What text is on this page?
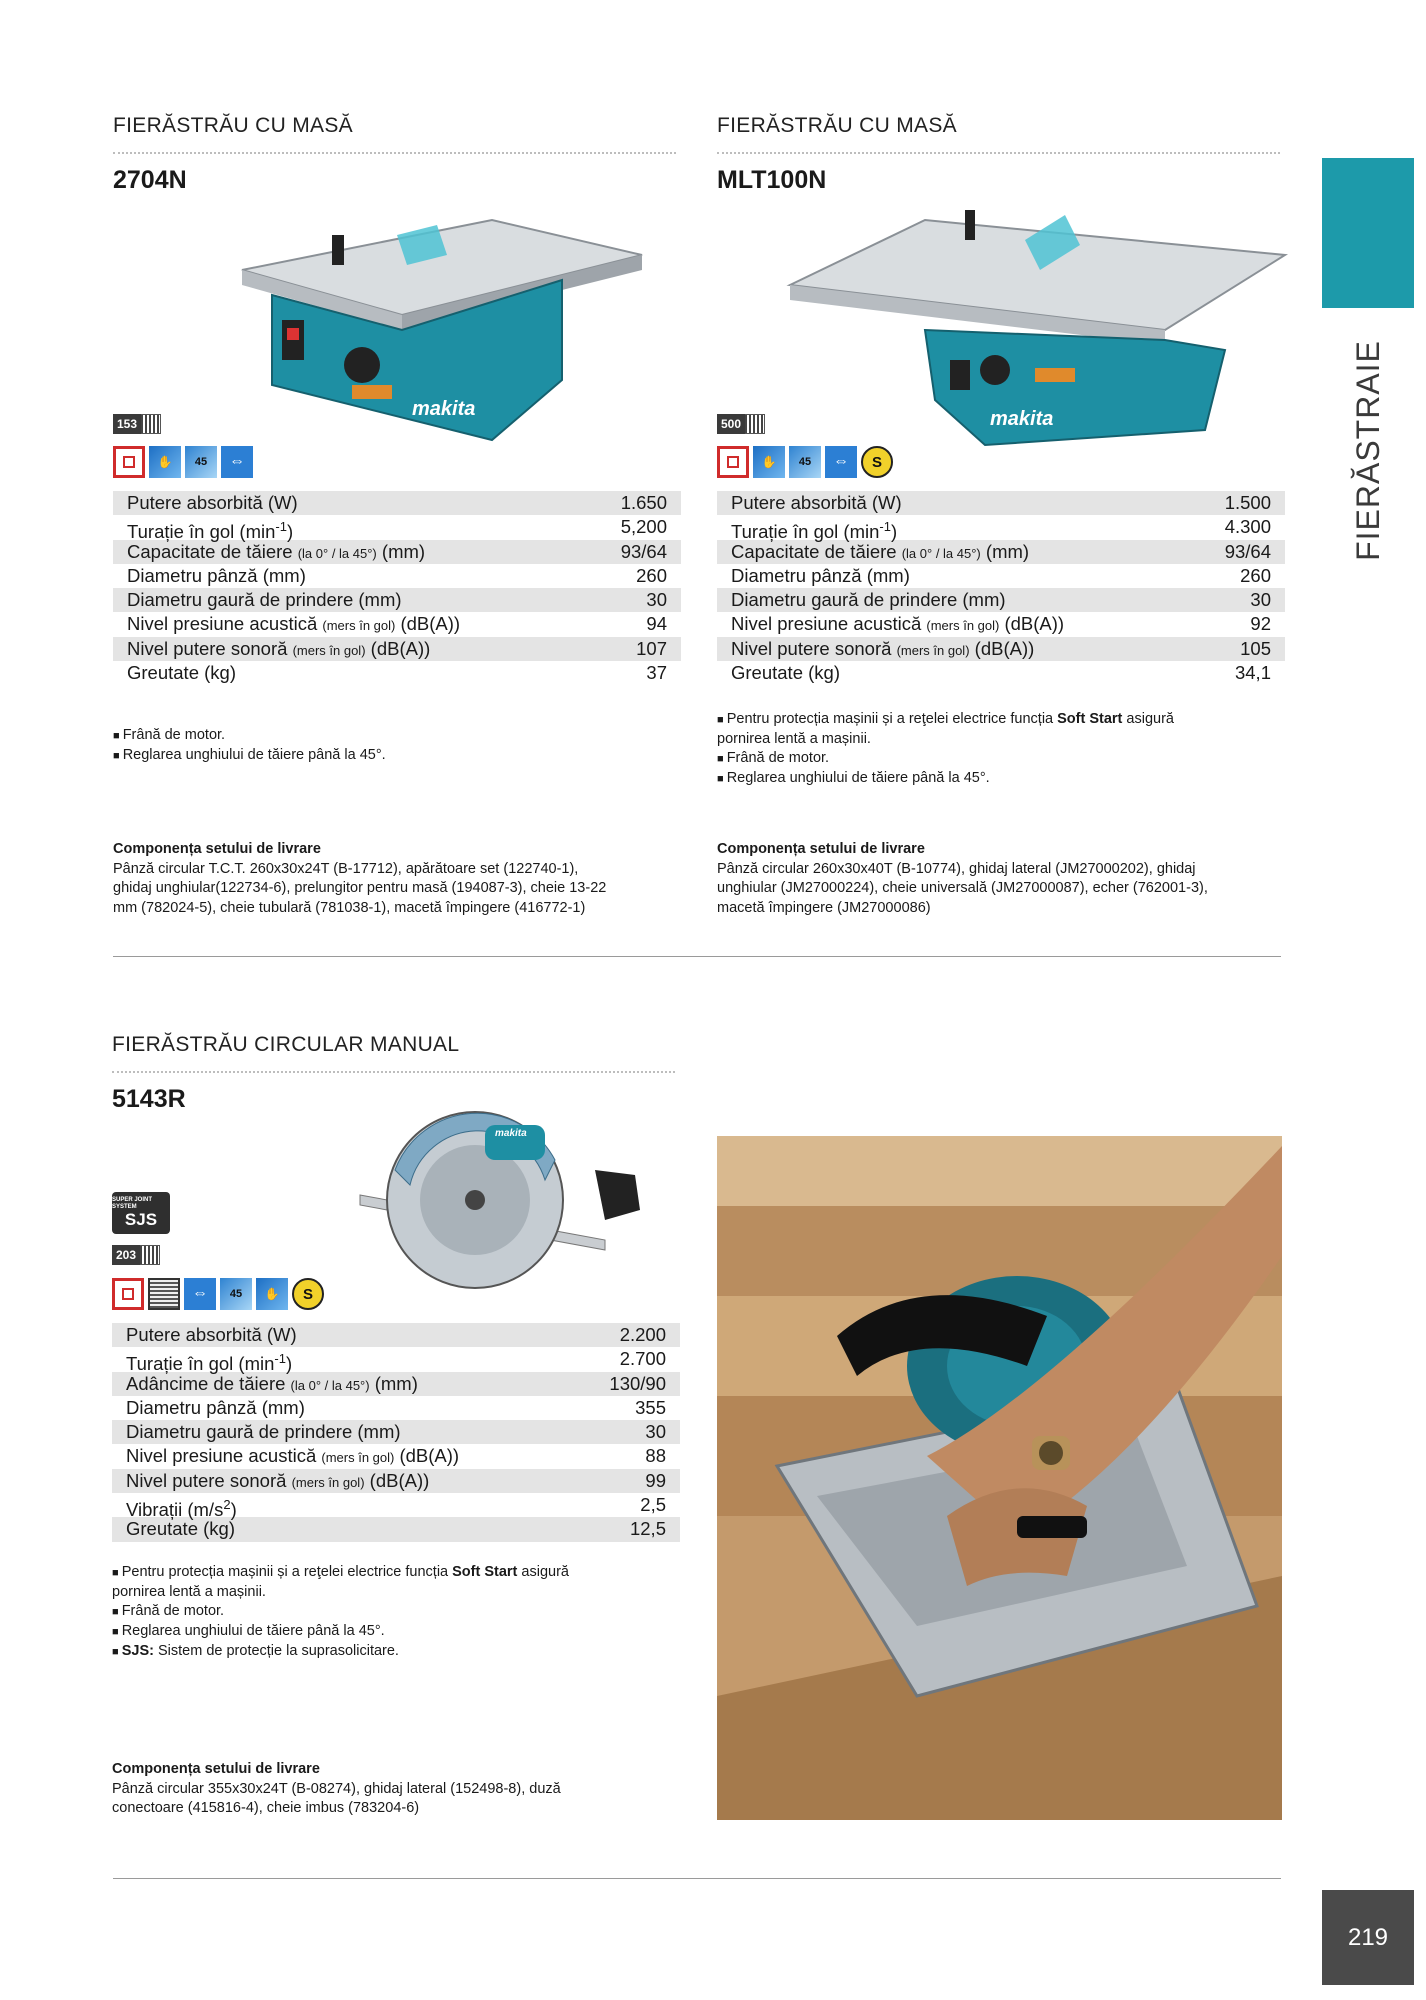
FIERĂSTRĂU CU MASĂ
2704N
makita
153
✋	45	⇔
Putere absorbită (W)	1.650
Turație în gol $(\min^{-1})$	5,200
Capacitate de tăiere (la 0° / la 45°) (mm)	93/64
Diametru pânză (mm)	260
Diametru gaură de prindere (mm)	30
Nivel presiune acustică (mers în gol) (dB(A))	94
Nivel putere sonoră (mers în gol) (dB(A))	107
Greutate (kg)	37
■ Frână de motor.
■ Reglarea unghiului de tăiere până la 45°.
Componența setului de livrare
Pânză circular T.C.T. 260x30x24T (B-17712), apărătoare set (122740-1),
ghidaj unghiular(122734-6), prelungitor pentru masă (194087-3), cheie 13-22
mm (782024-5), cheie tubulară (781038-1), macetă împingere (416772-1)
FIERĂSTRĂU CU MASĂ
MLT100N
makita
500
✋	45	⇔	S
Putere absorbită (W)	1.500
Turație în gol $(\min^{-1})$	4.300
Capacitate de tăiere (la 0° / la 45°) (mm)	93/64
Diametru pânză (mm)	260
Diametru gaură de prindere (mm)	30
Nivel presiune acustică (mers în gol) (dB(A))	92
Nivel putere sonoră (mers în gol) (dB(A))	105
Greutate (kg)	34,1
■ Pentru protecția mașinii și a reţelei electrice funcția Soft Start asigură
pornirea lentă a mașinii.
■ Frână de motor.
■ Reglarea unghiului de tăiere până la 45°.
Componența setului de livrare
Pânză circular 260x30x40T (B-10774), ghidaj lateral (JM27000202), ghidaj
unghiular (JM27000224), cheie universală (JM27000087), echer (762001-3),
macetă împingere (JM27000086)
FIERĂSTRĂU CIRCULAR MANUAL
5143R
makita
SUPER JOINT SYSTEM
SJS
203
⇔	45	✋	S
Putere absorbită (W)	2.200
Turație în gol $(\min^{-1})$	2.700
Adâncime de tăiere (la 0° / la 45°) (mm)	130/90
Diametru pânză (mm)	355
Diametru gaură de prindere (mm)	30
Nivel presiune acustică (mers în gol) (dB(A))	88
Nivel putere sonoră (mers în gol) (dB(A))	99
Vibrații $(m/s^2)$	2,5
Greutate (kg)	12,5
■ Pentru protecția mașinii și a reţelei electrice funcția Soft Start asigură
pornirea lentă a mașinii.
■ Frână de motor.
■ Reglarea unghiului de tăiere până la 45°.
■ SJS: Sistem de protecție la suprasolicitare.
Componența setului de livrare
Pânză circular 355x30x24T (B-08274), ghidaj lateral (152498-8), duză
conectoare (415816-4), cheie imbus (783204-6)
FIERĂSTRAIE
219
